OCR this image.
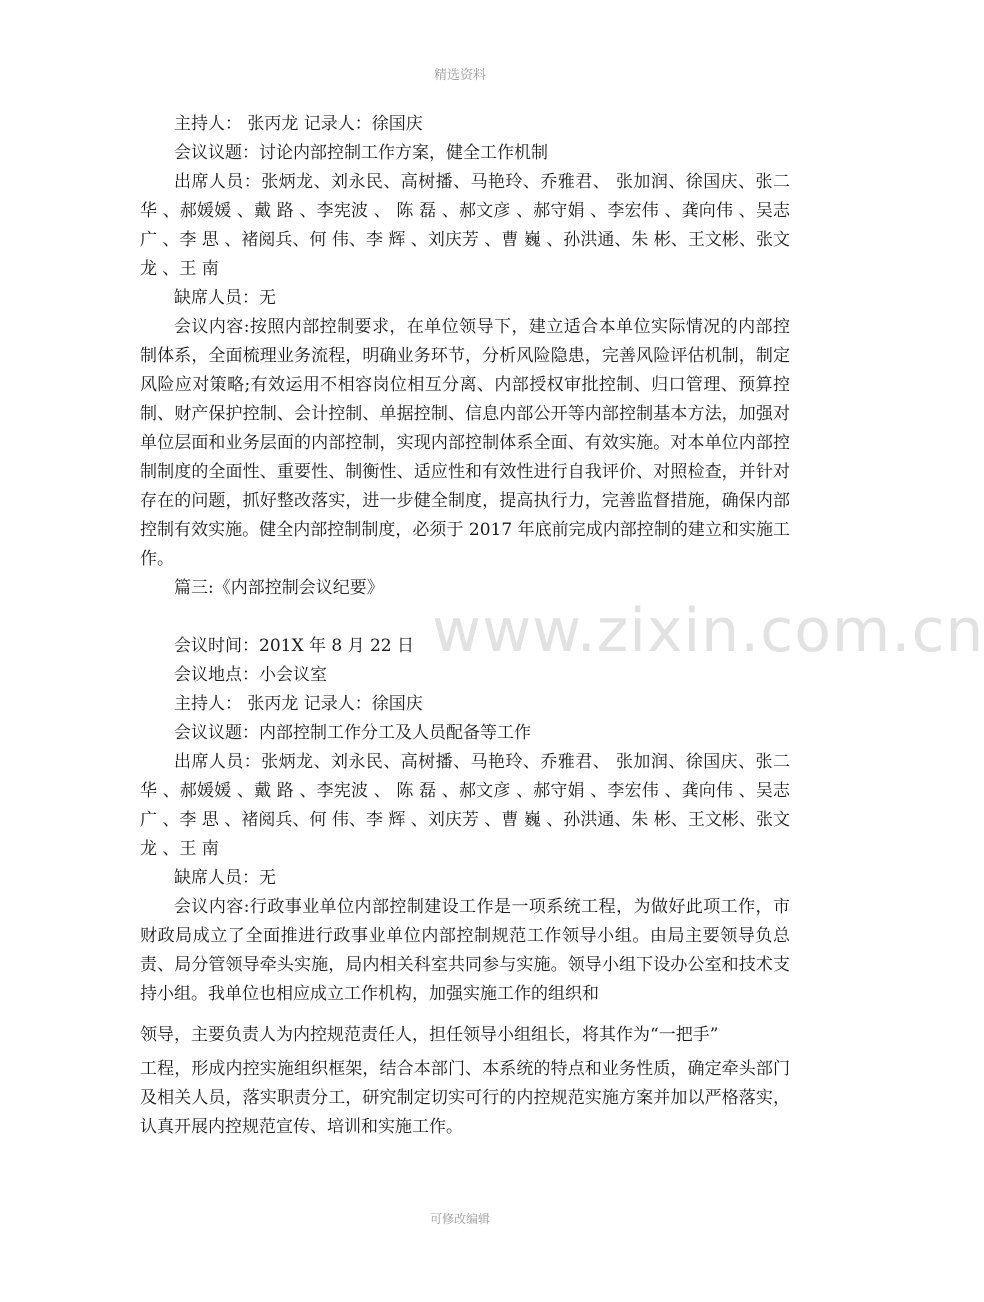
精选资料
www.zixin.com.cn

主持人： 张丙龙 记录人：徐国庆

会议议题：讨论内部控制工作方案，健全工作机制

出席人员：张炳龙、刘永民、高树播、马艳玲、乔雅君、 张加润、徐国庆、张二华 、郝媛媛 、戴 路 、李宪波 、 陈 磊 、郝文彦 、郝守娟 、李宏伟 、龚向伟 、吴志广 、李 思 、褚阅兵、何 伟、李 辉 、刘庆芳 、曹 巍 、孙洪通、朱 彬、王文彬、张文龙 、王 南

缺席人员：无

会议内容:按照内部控制要求，在单位领导下，建立适合本单位实际情况的内部控制体系，全面梳理业务流程，明确业务环节，分析风险隐患，完善风险评估机制，制定风险应对策略;有效运用不相容岗位相互分离、内部授权审批控制、归口管理、预算控制、财产保护控制、会计控制、单据控制、信息内部公开等内部控制基本方法，加强对单位层面和业务层面的内部控制，实现内部控制体系全面、有效实施。对本单位内部控制制度的全面性、重要性、制衡性、适应性和有效性进行自我评价、对照检查，并针对存在的问题，抓好整改落实，进一步健全制度，提高执行力，完善监督措施，确保内部控制有效实施。健全内部控制制度，必须于 2017 年底前完成内部控制的建立和实施工作。

篇三:《内部控制会议纪要》

会议时间：201X 年 8 月 22 日

会议地点：小会议室

主持人： 张丙龙 记录人：徐国庆

会议议题：内部控制工作分工及人员配备等工作

出席人员：张炳龙、刘永民、高树播、马艳玲、乔雅君、 张加润、徐国庆、张二华 、郝媛媛 、戴 路 、李宪波 、 陈 磊 、郝文彦 、郝守娟 、李宏伟 、龚向伟 、吴志广 、李 思 、褚阅兵、何 伟、李 辉 、刘庆芳 、曹 巍 、孙洪通、朱 彬、王文彬、张文龙 、王 南

缺席人员：无

会议内容:行政事业单位内部控制建设工作是一项系统工程，为做好此项工作，市财政局成立了全面推进行政事业单位内部控制规范工作领导小组。由局主要领导负总责、局分管领导牵头实施，局内相关科室共同参与实施。领导小组下设办公室和技术支持小组。我单位也相应成立工作机构，加强实施工作的组织和

领导，主要负责人为内控规范责任人，担任领导小组组长，将其作为“一把手”

工程，形成内控实施组织框架，结合本部门、本系统的特点和业务性质，确定牵头部门及相关人员，落实职责分工，研究制定切实可行的内控规范实施方案并加以严格落实，认真开展内控规范宣传、培训和实施工作。

可修改编辑
